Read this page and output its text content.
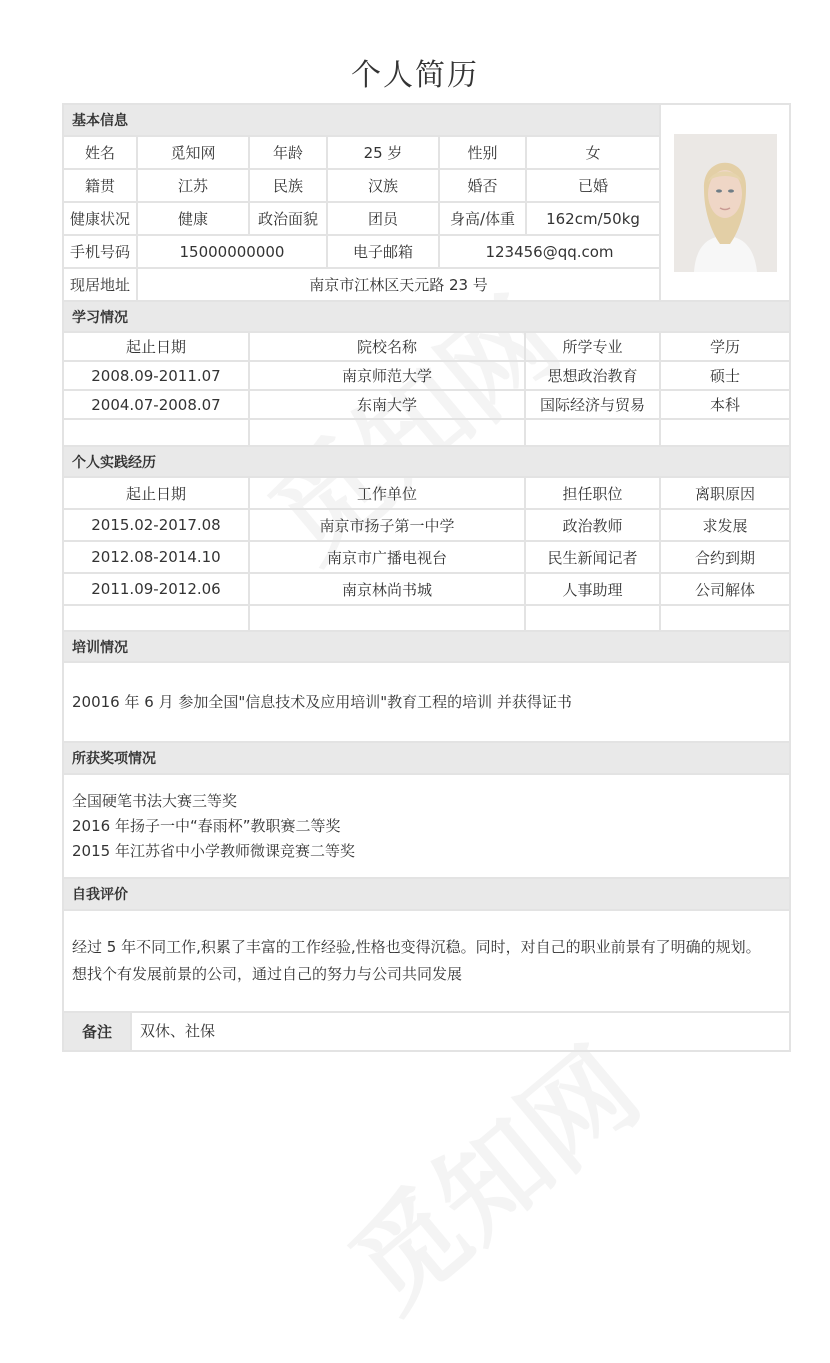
个人简历
基本信息	

姓名	觅知网	年龄	25 岁	性别	女	
籍贯	江苏	民族	汉族	婚否	已婚	
健康状况	健康	政治面貌	团员	身高/体重	162cm/50kg	
手机号码	15000000000		电子邮箱	123456@qq.com		
现居地址	南京市江林区天元路 23 号					
学习情况			
起止日期	院校名称	所学专业	学历
2008.09-2011.07	南京师范大学	思想政治教育	硕士
2004.07-2008.07	东南大学	国际经济与贸易	本科

个人实践经历			
起止日期	工作单位	担任职位	离职原因
2015.02-2017.08	南京市扬子第一中学	政治教师	求发展
2012.08-2014.10	南京市广播电视台	民生新闻记者	合约到期
2011.09-2012.06	南京林尚书城	人事助理	公司解体

培训情况
20016 年 6 月 参加全国"信息技术及应用培训"教育工程的培训 并获得证书
所获奖项情况

全国硬笔书法大赛三等奖
2016 年扬子一中“春雨杯”教职赛二等奖
2015 年江苏省中小学教师微课竞赛二等奖

自我评价

经过 5 年不同工作,积累了丰富的工作经验,性格也变得沉稳。同时，对自己的职业前景有了明确的规划。
想找个有发展前景的公司，通过自己的努力与公司共同发展

备注	双休、社保
